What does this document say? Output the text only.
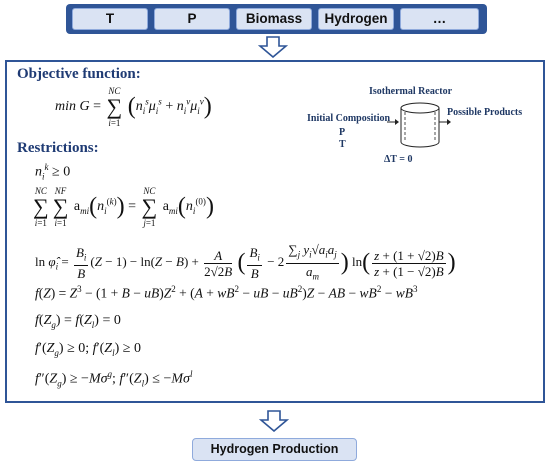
T	P	Biomass	Hydrogen	…
Objective function:
min G =
NC
∑
i=1
$(n_i^s\mu_i^s + n_i^v\mu_i^v)$
Isothermal Reactor
Initial Composition
P
T
Possible Products
ΔT = 0
Restrictions:
$n_i^k \ge 0$
NC
∑
i=1
NF
∑
i=1
$a_{mi}(n_i^{(k)})$ =
NC
∑
j=1
$a_{mi}(n_i^{(0)})$
$\ln \varphî_i = \frac{B_i}{B} (Z - 1) - \ln(Z - B) + \frac{A}{2√2B}$ ( $\frac{B_i}{B} - 2 \frac{\sum_j y_i√a_ia_j}{a_m}$ ) $\ln( \frac{z + (1 + √2)B}{z + (1 - √2)B}$ )
$f(Z) = Z^3 - (1 + B - uB)Z^2 + (A + wB^2$ − uB − $uB^2)Z$ − AB − $wB^2 - wB^3$
$f(Z_g) = f(Z_l) = 0$
$f'(Z_g) \ge 0$; $f'(Z_l) \ge 0$
$f''(Z_g) \ge -M\sigma^g$; $f''(Z_l) \le -M\sigma^l$
Hydrogen Production
